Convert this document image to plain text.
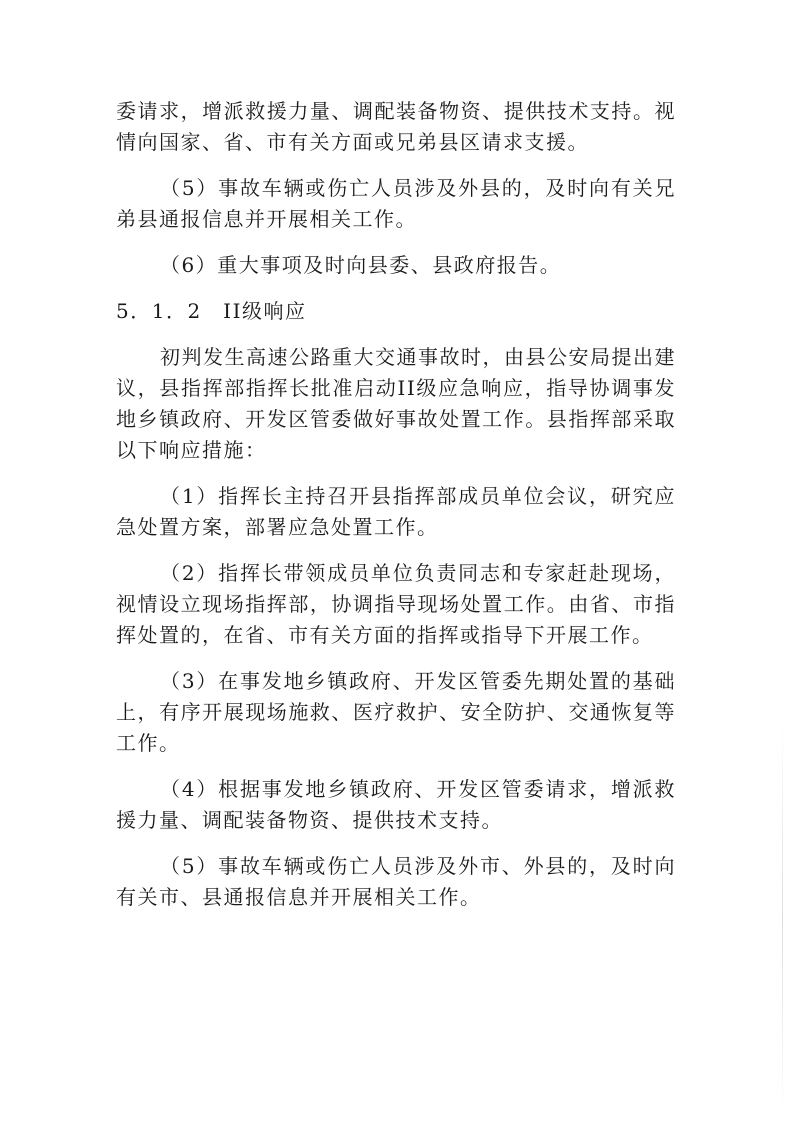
委请求，增派救援力量、调配装备物资、提供技术支持。视
情向国家、省、市有关方面或兄弟县区请求支援。
（5）事故车辆或伤亡人员涉及外县的，及时向有关兄
弟县通报信息并开展相关工作。
（6）重大事项及时向县委、县政府报告。
5．1．2　II级响应
初判发生高速公路重大交通事故时，由县公安局提出建
议，县指挥部指挥长批准启动II级应急响应，指导协调事发
地乡镇政府、开发区管委做好事故处置工作。县指挥部采取
以下响应措施：
（1）指挥长主持召开县指挥部成员单位会议，研究应
急处置方案，部署应急处置工作。
（2）指挥长带领成员单位负责同志和专家赶赴现场，
视情设立现场指挥部，协调指导现场处置工作。由省、市指
挥处置的，在省、市有关方面的指挥或指导下开展工作。
（3）在事发地乡镇政府、开发区管委先期处置的基础
上，有序开展现场施救、医疗救护、安全防护、交通恢复等
工作。
（4）根据事发地乡镇政府、开发区管委请求，增派救
援力量、调配装备物资、提供技术支持。
（5）事故车辆或伤亡人员涉及外市、外县的，及时向
有关市、县通报信息并开展相关工作。
